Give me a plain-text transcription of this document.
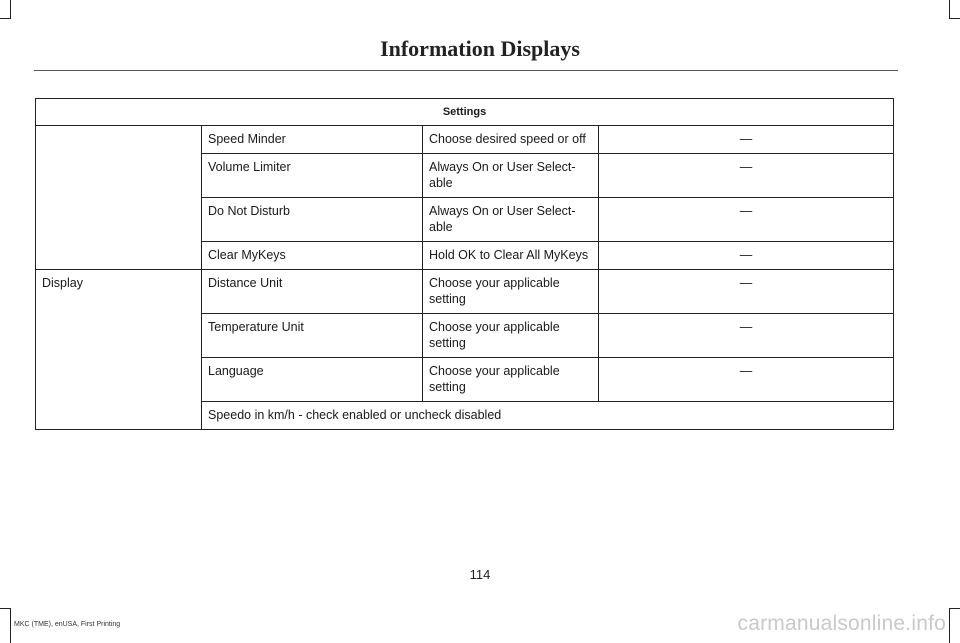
Information Displays
Settings			
	Speed Minder	Choose desired speed or off	—
	Volume Limiter	Always On or User Select-able	—
	Do Not Disturb	Always On or User Select-able	—
	Clear MyKeys	Hold OK to Clear All MyKeys	—
Display	Distance Unit	Choose your applicable setting	—
	Temperature Unit	Choose your applicable setting	—
	Language	Choose your applicable setting	—
	Speedo in km/h - check enabled or uncheck disabled		
114
MKC (TME), enUSA, First Printing	carmanualsonline.info
